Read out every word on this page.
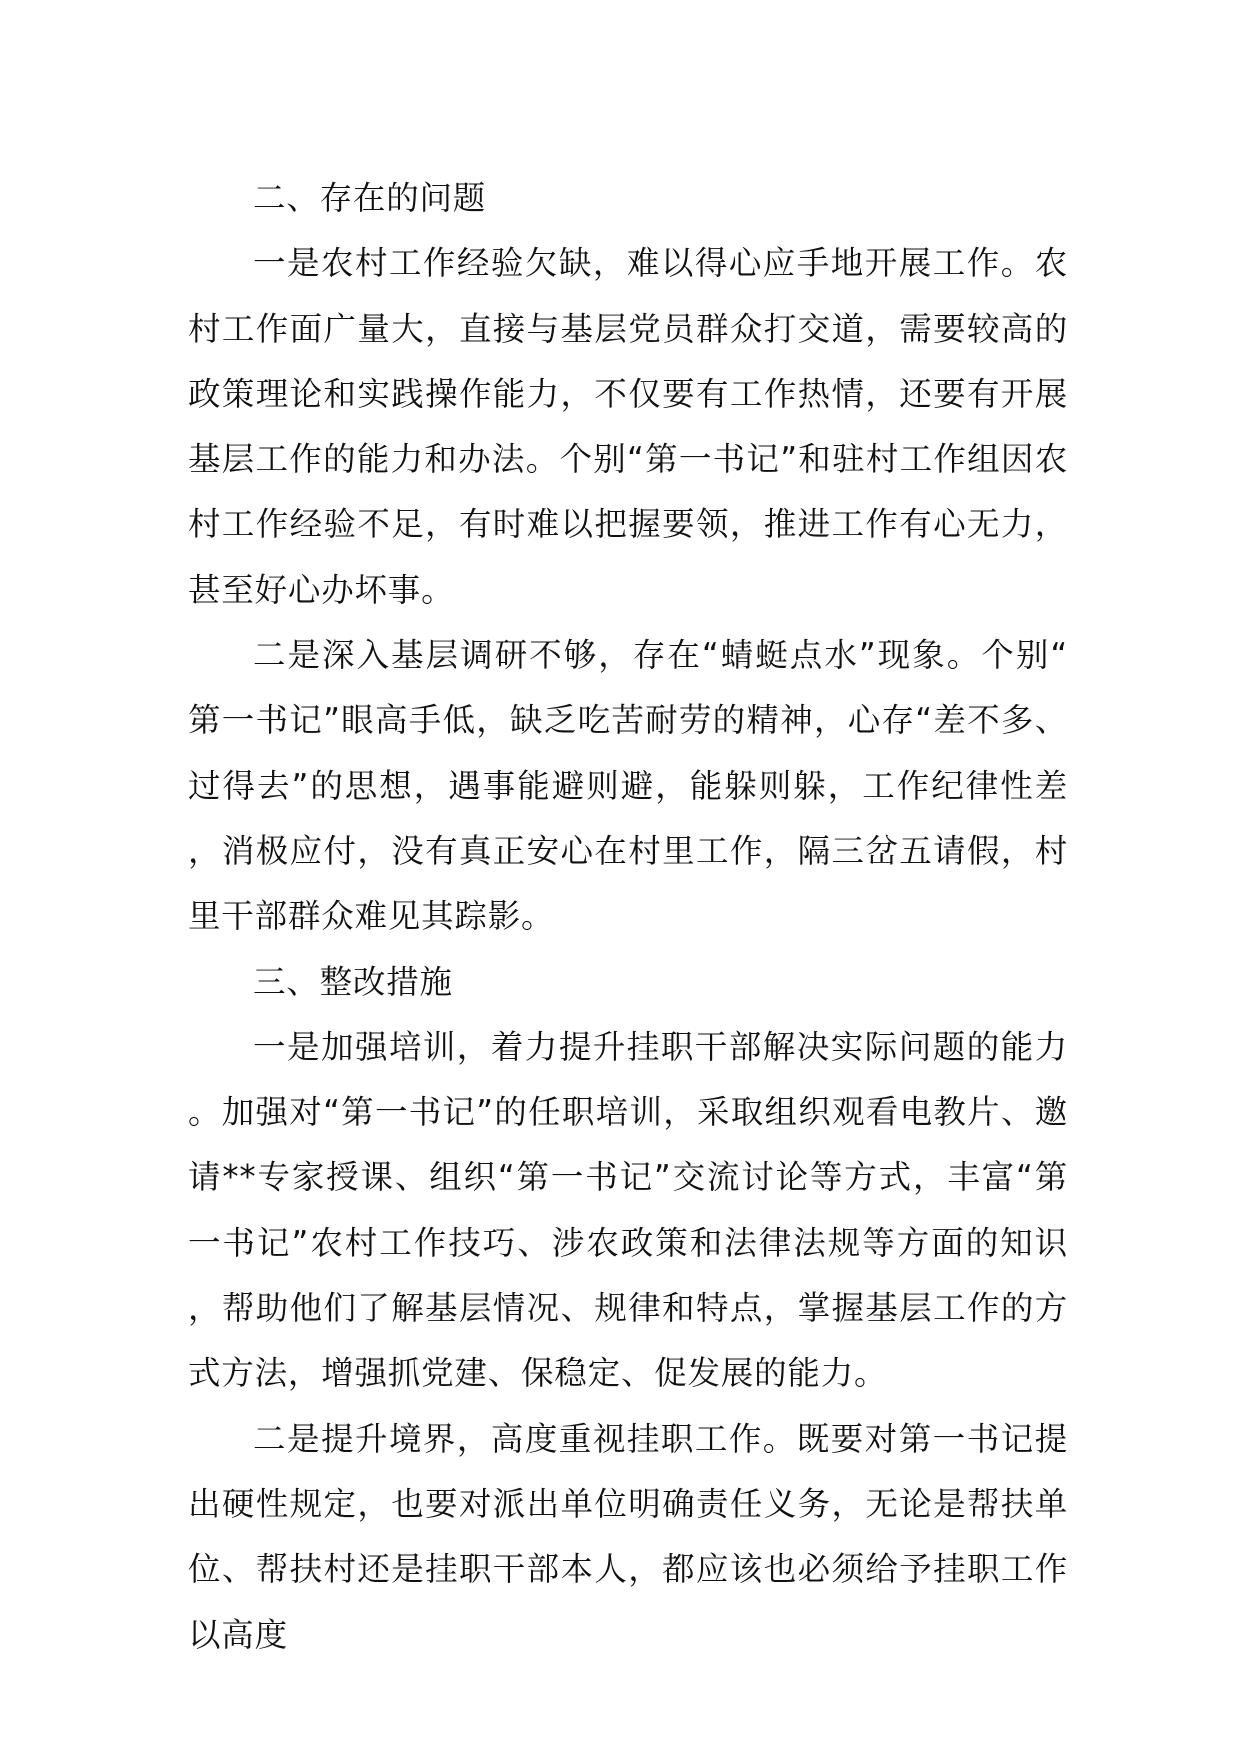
二、存在的问题

一是农村工作经验欠缺，难以得心应手地开展工作。农村工作面广量大，直接与基层党员群众打交道，需要较高的政策理论和实践操作能力，不仅要有工作热情，还要有开展基层工作的能力和办法。个别“第一书记”和驻村工作组因农村工作经验不足，有时难以把握要领，推进工作有心无力，甚至好心办坏事。

二是深入基层调研不够，存在“蜻蜓点水”现象。个别“第一书记”眼高手低，缺乏吃苦耐劳的精神，心存“差不多、过得去”的思想，遇事能避则避，能躲则躲，工作纪律性差，消极应付，没有真正安心在村里工作，隔三岔五请假，村里干部群众难见其踪影。

三、整改措施

一是加强培训，着力提升挂职干部解决实际问题的能力。加强对“第一书记”的任职培训，采取组织观看电教片、邀请**专家授课、组织“第一书记”交流讨论等方式，丰富“第一书记”农村工作技巧、涉农政策和法律法规等方面的知识，帮助他们了解基层情况、规律和特点，掌握基层工作的方式方法，增强抓党建、保稳定、促发展的能力。

二是提升境界，高度重视挂职工作。既要对第一书记提出硬性规定，也要对派出单位明确责任义务，无论是帮扶单位、帮扶村还是挂职干部本人，都应该也必须给予挂职工作以高度
